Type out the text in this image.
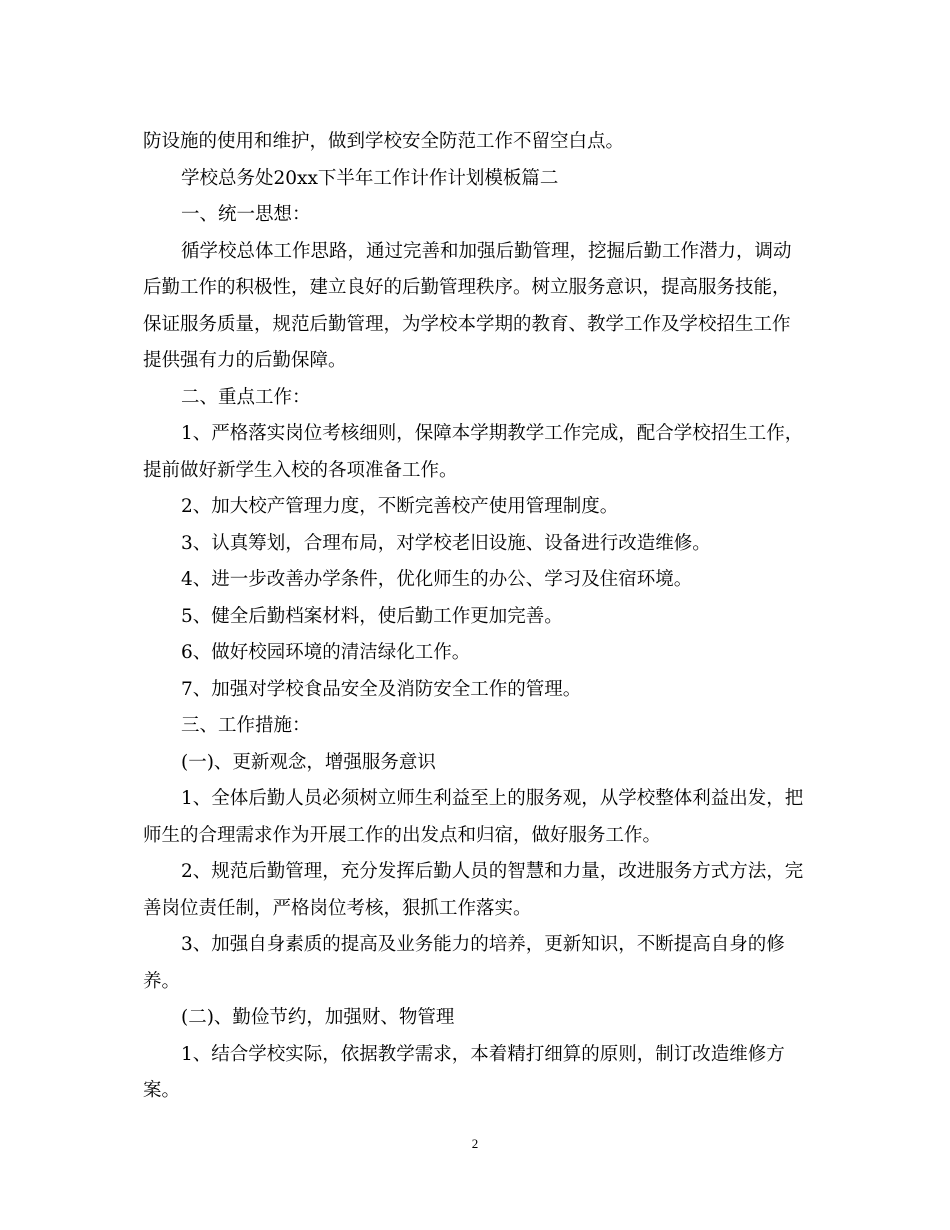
防设施的使用和维护，做到学校安全防范工作不留空白点。

学校总务处20xx下半年工作计作计划模板篇二

一、统一思想：

循学校总体工作思路，通过完善和加强后勤管理，挖掘后勤工作潜力，调动

后勤工作的积极性，建立良好的后勤管理秩序。树立服务意识，提高服务技能，

保证服务质量，规范后勤管理，为学校本学期的教育、教学工作及学校招生工作

提供强有力的后勤保障。

二、重点工作：

1、严格落实岗位考核细则，保障本学期教学工作完成，配合学校招生工作，

提前做好新学生入校的各项准备工作。

2、加大校产管理力度，不断完善校产使用管理制度。

3、认真筹划，合理布局，对学校老旧设施、设备进行改造维修。

4、进一步改善办学条件，优化师生的办公、学习及住宿环境。

5、健全后勤档案材料，使后勤工作更加完善。

6、做好校园环境的清洁绿化工作。

7、加强对学校食品安全及消防安全工作的管理。

三、工作措施：

(一)、更新观念，增强服务意识

1、全体后勤人员必须树立师生利益至上的服务观，从学校整体利益出发，把

师生的合理需求作为开展工作的出发点和归宿，做好服务工作。

2、规范后勤管理，充分发挥后勤人员的智慧和力量，改进服务方式方法，完

善岗位责任制，严格岗位考核，狠抓工作落实。

3、加强自身素质的提高及业务能力的培养，更新知识，不断提高自身的修

养。

(二)、勤俭节约，加强财、物管理

1、结合学校实际，依据教学需求，本着精打细算的原则，制订改造维修方

案。

2
